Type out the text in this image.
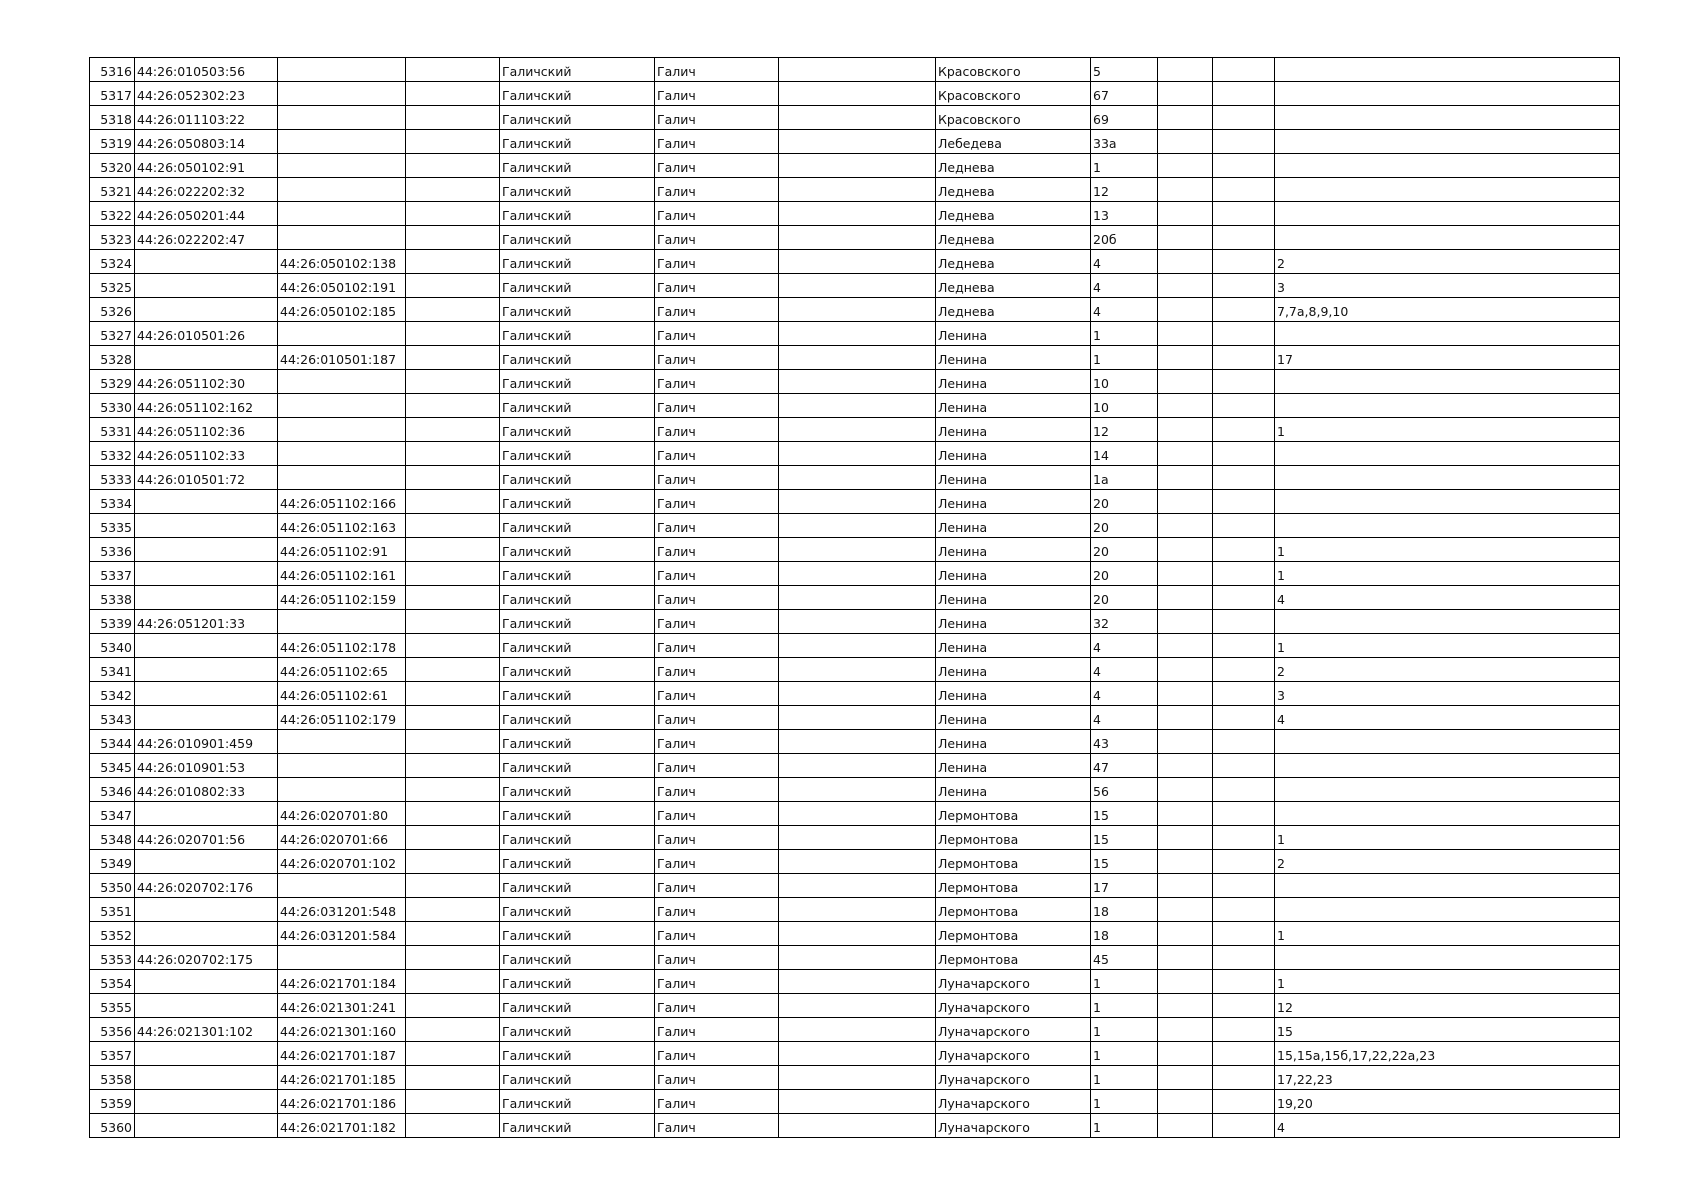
5316	44:26:010503:56			Галичский	Галич		Красовского	5			
5317	44:26:052302:23			Галичский	Галич		Красовского	67			
5318	44:26:011103:22			Галичский	Галич		Красовского	69			
5319	44:26:050803:14			Галичский	Галич		Лебедева	33а			
5320	44:26:050102:91			Галичский	Галич		Леднева	1			
5321	44:26:022202:32			Галичский	Галич		Леднева	12			
5322	44:26:050201:44			Галичский	Галич		Леднева	13			
5323	44:26:022202:47			Галичский	Галич		Леднева	20б			
5324		44:26:050102:138		Галичский	Галич		Леднева	4			2
5325		44:26:050102:191		Галичский	Галич		Леднева	4			3
5326		44:26:050102:185		Галичский	Галич		Леднева	4			7,7а,8,9,10
5327	44:26:010501:26			Галичский	Галич		Ленина	1			
5328		44:26:010501:187		Галичский	Галич		Ленина	1			17
5329	44:26:051102:30			Галичский	Галич		Ленина	10			
5330	44:26:051102:162			Галичский	Галич		Ленина	10			
5331	44:26:051102:36			Галичский	Галич		Ленина	12			1
5332	44:26:051102:33			Галичский	Галич		Ленина	14			
5333	44:26:010501:72			Галичский	Галич		Ленина	1а			
5334		44:26:051102:166		Галичский	Галич		Ленина	20			
5335		44:26:051102:163		Галичский	Галич		Ленина	20			
5336		44:26:051102:91		Галичский	Галич		Ленина	20			1
5337		44:26:051102:161		Галичский	Галич		Ленина	20			1
5338		44:26:051102:159		Галичский	Галич		Ленина	20			4
5339	44:26:051201:33			Галичский	Галич		Ленина	32			
5340		44:26:051102:178		Галичский	Галич		Ленина	4			1
5341		44:26:051102:65		Галичский	Галич		Ленина	4			2
5342		44:26:051102:61		Галичский	Галич		Ленина	4			3
5343		44:26:051102:179		Галичский	Галич		Ленина	4			4
5344	44:26:010901:459			Галичский	Галич		Ленина	43			
5345	44:26:010901:53			Галичский	Галич		Ленина	47			
5346	44:26:010802:33			Галичский	Галич		Ленина	56			
5347		44:26:020701:80		Галичский	Галич		Лермонтова	15			
5348	44:26:020701:56	44:26:020701:66		Галичский	Галич		Лермонтова	15			1
5349		44:26:020701:102		Галичский	Галич		Лермонтова	15			2
5350	44:26:020702:176			Галичский	Галич		Лермонтова	17			
5351		44:26:031201:548		Галичский	Галич		Лермонтова	18			
5352		44:26:031201:584		Галичский	Галич		Лермонтова	18			1
5353	44:26:020702:175			Галичский	Галич		Лермонтова	45			
5354		44:26:021701:184		Галичский	Галич		Луначарского	1			1
5355		44:26:021301:241		Галичский	Галич		Луначарского	1			12
5356	44:26:021301:102	44:26:021301:160		Галичский	Галич		Луначарского	1			15
5357		44:26:021701:187		Галичский	Галич		Луначарского	1			15,15а,15б,17,22,22а,23
5358		44:26:021701:185		Галичский	Галич		Луначарского	1			17,22,23
5359		44:26:021701:186		Галичский	Галич		Луначарского	1			19,20
5360		44:26:021701:182		Галичский	Галич		Луначарского	1			4
